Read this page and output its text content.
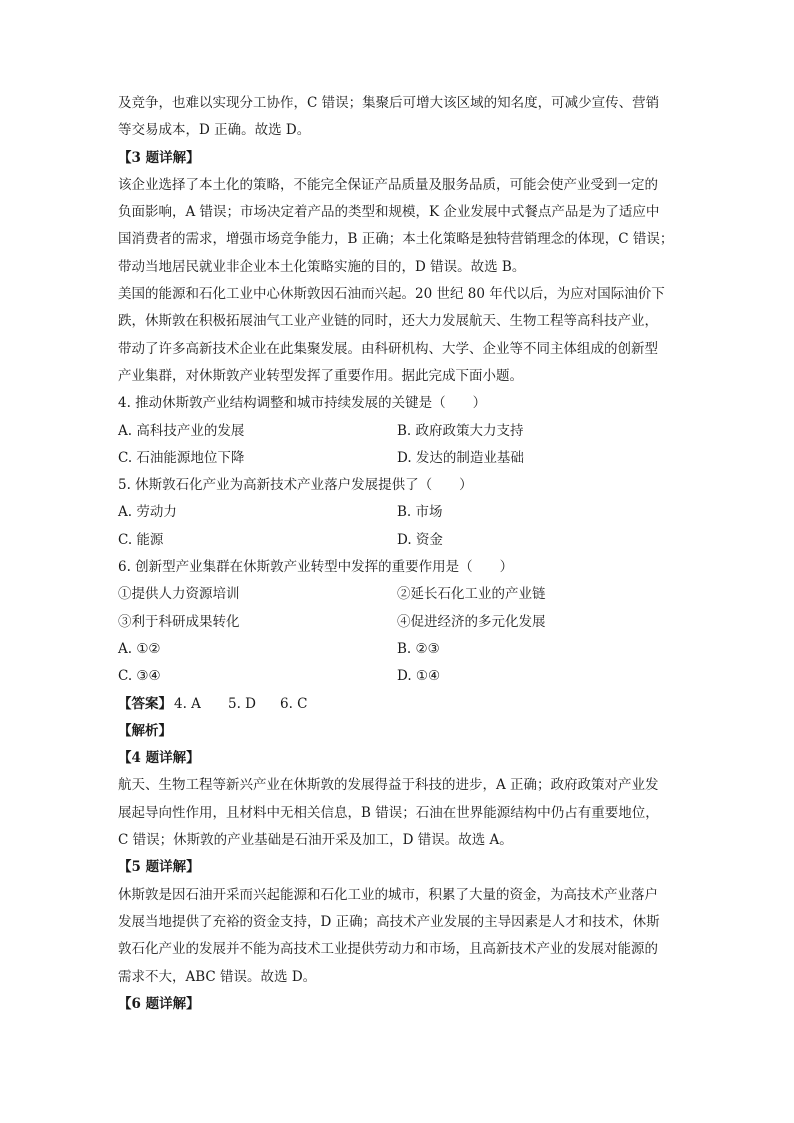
及竞争，也难以实现分工协作，C 错误；集聚后可增大该区域的知名度，可减少宣传、营销

等交易成本，D 正确。故选 D。

【3 题详解】

该企业选择了本土化的策略，不能完全保证产品质量及服务品质，可能会使产业受到一定的

负面影响，A 错误；市场决定着产品的类型和规模，K 企业发展中式餐点产品是为了适应中

国消费者的需求，增强市场竞争能力，B 正确；本土化策略是独特营销理念的体现，C 错误；

带动当地居民就业非企业本土化策略实施的目的，D 错误。故选 B。

美国的能源和石化工业中心休斯敦因石油而兴起。20 世纪 80 年代以后，为应对国际油价下

跌，休斯敦在积极拓展油气工业产业链的同时，还大力发展航天、生物工程等高科技产业，

带动了许多高新技术企业在此集聚发展。由科研机构、大学、企业等不同主体组成的创新型

产业集群，对休斯敦产业转型发挥了重要作用。据此完成下面小题。

4. 推动休斯敦产业结构调整和城市持续发展的关键是（　　）

A. 高科技产业的发展	B. 政府政策大力支持
C. 石油能源地位下降	D. 发达的制造业基础

5. 休斯敦石化产业为高新技术产业落户发展提供了（　　）

A. 劳动力	B. 市场
C. 能源	D. 资金

6. 创新型产业集群在休斯敦产业转型中发挥的重要作用是（　　）

①提供人力资源培训	②延长石化工业的产业链
③利于科研成果转化	④促进经济的多元化发展
A. ①②	B. ②③
C. ③④	D. ①④
【答案】 4. A	5. D	6. C

【解析】

【4 题详解】

航天、生物工程等新兴产业在休斯敦的发展得益于科技的进步，A 正确；政府政策对产业发

展起导向性作用，且材料中无相关信息，B 错误；石油在世界能源结构中仍占有重要地位，

C 错误；休斯敦的产业基础是石油开采及加工，D 错误。故选 A。

【5 题详解】

休斯敦是因石油开采而兴起能源和石化工业的城市，积累了大量的资金，为高技术产业落户

发展当地提供了充裕的资金支持，D 正确；高技术产业发展的主导因素是人才和技术，休斯

敦石化产业的发展并不能为高技术工业提供劳动力和市场，且高新技术产业的发展对能源的

需求不大，ABC 错误。故选 D。

【6 题详解】
